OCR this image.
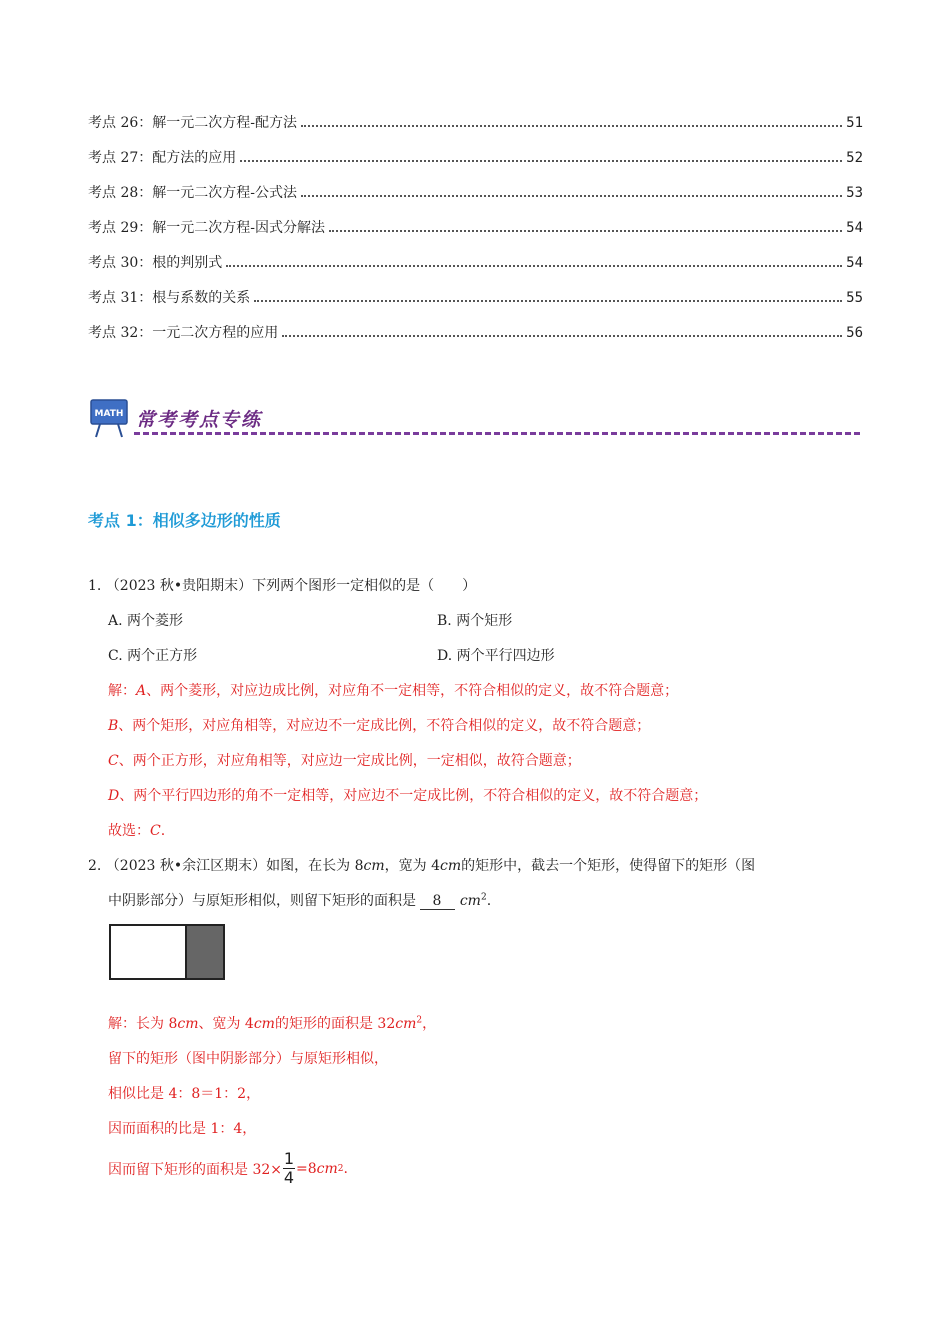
考点 26：解一元二次方程-配方法	51
考点 27：配方法的应用	52
考点 28：解一元二次方程-公式法	53
考点 29：解一元二次方程-因式分解法	54
考点 30：根的判别式	54
考点 31：根与系数的关系	55
考点 32：一元二次方程的应用	56
MATH 常考考点专练
考点 1：相似多边形的性质
1. （2023 秋•贵阳期末）下列两个图形一定相似的是（　　）
A. 两个菱形	B. 两个矩形
C. 两个正方形	D. 两个平行四边形
解：A、两个菱形，对应边成比例，对应角不一定相等，不符合相似的定义，故不符合题意；
B、两个矩形，对应角相等，对应边不一定成比例，不符合相似的定义，故不符合题意；
C、两个正方形，对应角相等，对应边一定成比例，一定相似，故符合题意；
D、两个平行四边形的角不一定相等，对应边不一定成比例，不符合相似的定义，故不符合题意；
故选：C.
2. （2023 秋•余江区期末）如图，在长为 8cm，宽为 4cm的矩形中，截去一个矩形，使得留下的矩形（图
中阴影部分）与原矩形相似，则留下矩形的面积是 8 $cm^2$.
解：长为 8cm、宽为 4cm的矩形的面积是 $32cm^2$，
留下的矩形（图中阴影部分）与原矩形相似，
相似比是 4：8＝1：2，
因而面积的比是 1：4，
因而留下矩形的面积是 $32\times \frac{1}{4} =8$ cm 2 .
